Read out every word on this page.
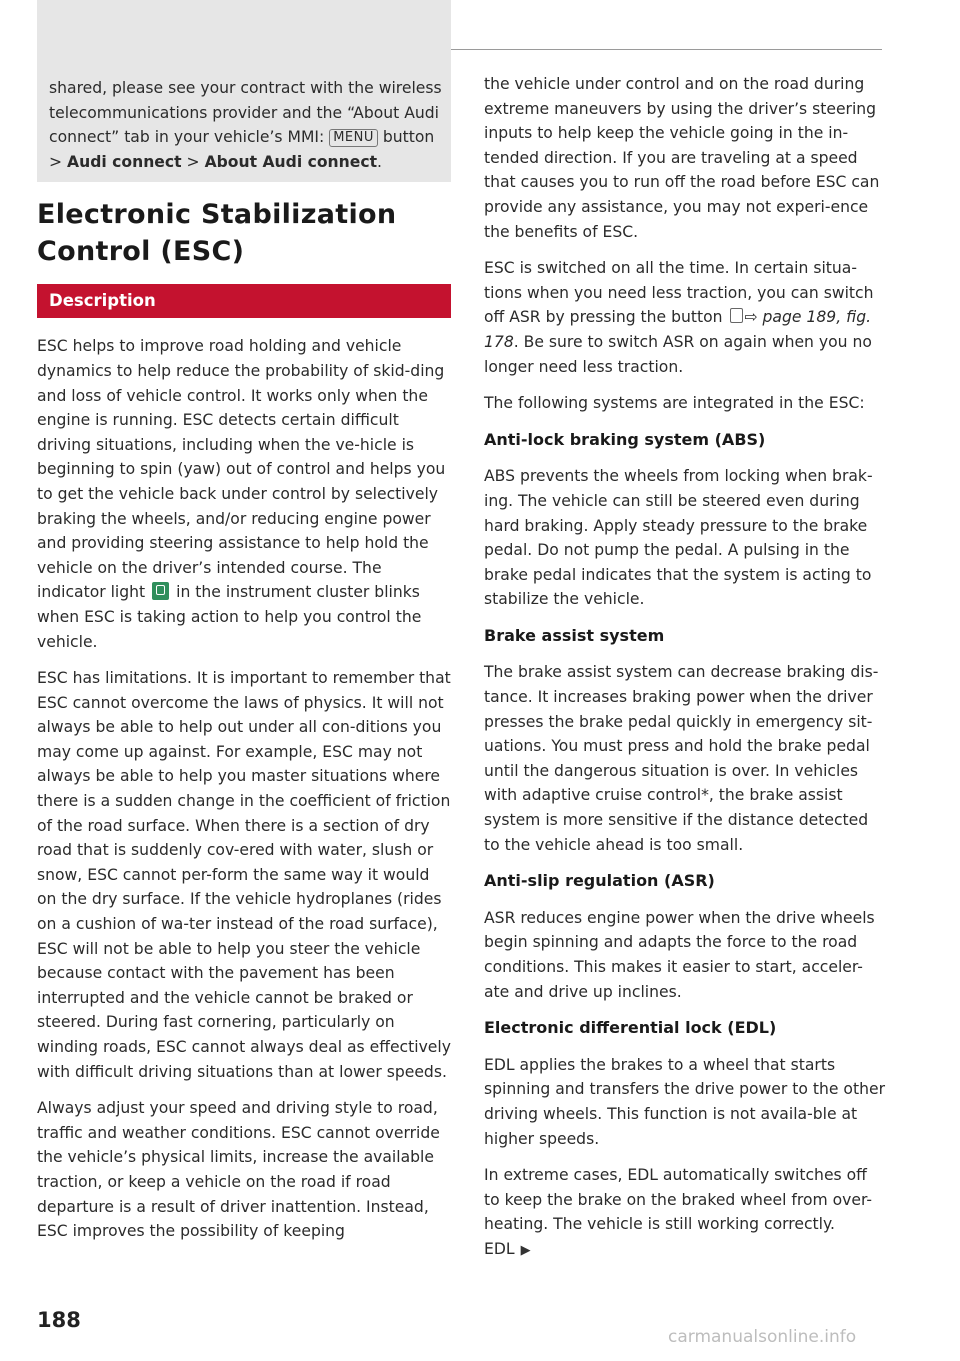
shared, please see your contract with the wireless telecommunications provider and the “About Audi connect” tab in your vehicle’s MMI: MENU button > Audi connect > About Audi connect.

Electronic Stabilization Control (ESC)
Description

ESC helps to improve road holding and vehicle dynamics to help reduce the probability of skid-ding and loss of vehicle control. It works only when the engine is running. ESC detects certain difficult driving situations, including when the ve-hicle is beginning to spin (yaw) out of control and helps you to get the vehicle back under control by selectively braking the wheels, and/or reducing engine power and providing steering assistance to help hold the vehicle on the driver’s intended course. The indicator light in the instrument cluster blinks when ESC is taking action to help you control the vehicle.

ESC has limitations. It is important to remember that ESC cannot overcome the laws of physics. It will not always be able to help out under all con-ditions you may come up against. For example, ESC may not always be able to help you master situations where there is a sudden change in the coefficient of friction of the road surface. When there is a section of dry road that is suddenly cov-ered with water, slush or snow, ESC cannot per-form the same way it would on the dry surface. If the vehicle hydroplanes (rides on a cushion of wa-ter instead of the road surface), ESC will not be able to help you steer the vehicle because contact with the pavement has been interrupted and the vehicle cannot be braked or steered. During fast cornering, particularly on winding roads, ESC cannot always deal as effectively with difficult driving situations than at lower speeds.

Always adjust your speed and driving style to road, traffic and weather conditions. ESC cannot override the vehicle’s physical limits, increase the available traction, or keep a vehicle on the road if road departure is a result of driver inattention. Instead, ESC improves the possibility of keeping

the vehicle under control and on the road during extreme maneuvers by using the driver’s steering inputs to help keep the vehicle going in the in-tended direction. If you are traveling at a speed that causes you to run off the road before ESC can provide any assistance, you may not experi-ence the benefits of ESC.

ESC is switched on all the time. In certain situa-tions when you need less traction, you can switch off ASR by pressing the button ⇨ page 189, fig. 178. Be sure to switch ASR on again when you no longer need less traction.

The following systems are integrated in the ESC:

Anti-lock braking system (ABS)

ABS prevents the wheels from locking when brak-ing. The vehicle can still be steered even during hard braking. Apply steady pressure to the brake pedal. Do not pump the pedal. A pulsing in the brake pedal indicates that the system is acting to stabilize the vehicle.

Brake assist system

The brake assist system can decrease braking dis-tance. It increases braking power when the driver presses the brake pedal quickly in emergency sit-uations. You must press and hold the brake pedal until the dangerous situation is over. In vehicles with adaptive cruise control*, the brake assist system is more sensitive if the distance detected to the vehicle ahead is too small.

Anti-slip regulation (ASR)

ASR reduces engine power when the drive wheels begin spinning and adapts the force to the road conditions. This makes it easier to start, acceler-ate and drive up inclines.

Electronic differential lock (EDL)

EDL applies the brakes to a wheel that starts spinning and transfers the drive power to the other driving wheels. This function is not availa-ble at higher speeds.

In extreme cases, EDL automatically switches off to keep the brake on the braked wheel from over-heating. The vehicle is still working correctly. EDL ▶

188
carmanualsonline.info
